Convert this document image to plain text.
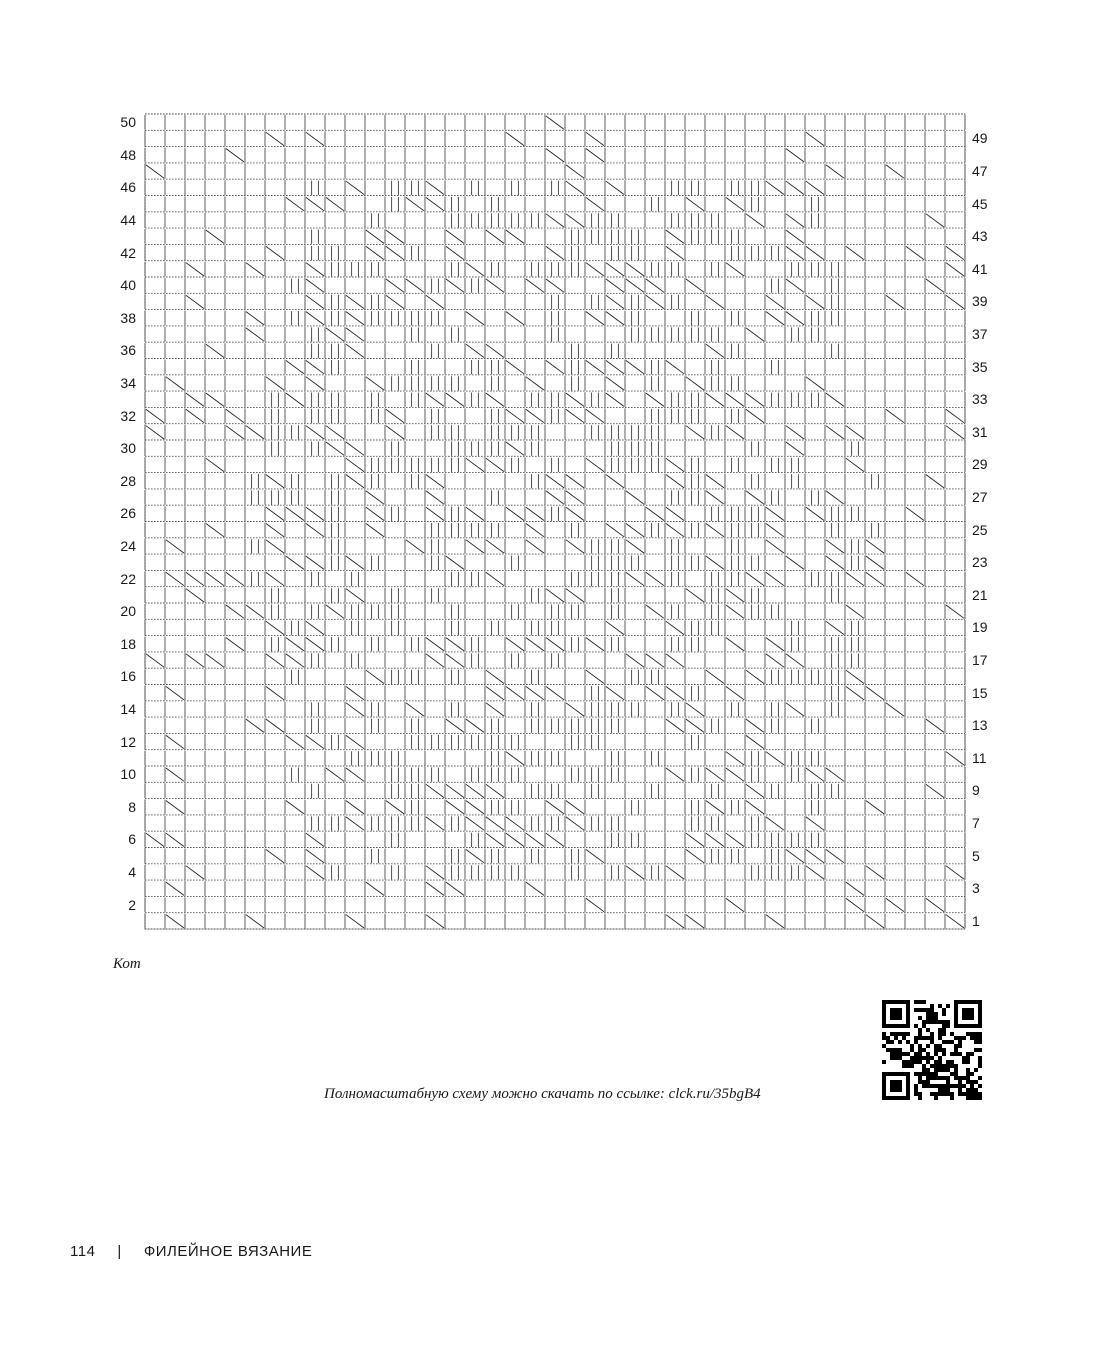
50
48
46
44
42
40
38
36
34
32
30
28
26
24
22
20
18
16
14
12
10
8
6
4
2
49
47
45
43
41
39
37
35
33
31
29
27
25
23
21
19
17
15
13
11
9
7
5
3
1
Кот
Полномасштабную схему можно скачать по ссылке: clck.ru/35bgB4
114 | ФИЛЕЙНОЕ ВЯЗАНИЕ
